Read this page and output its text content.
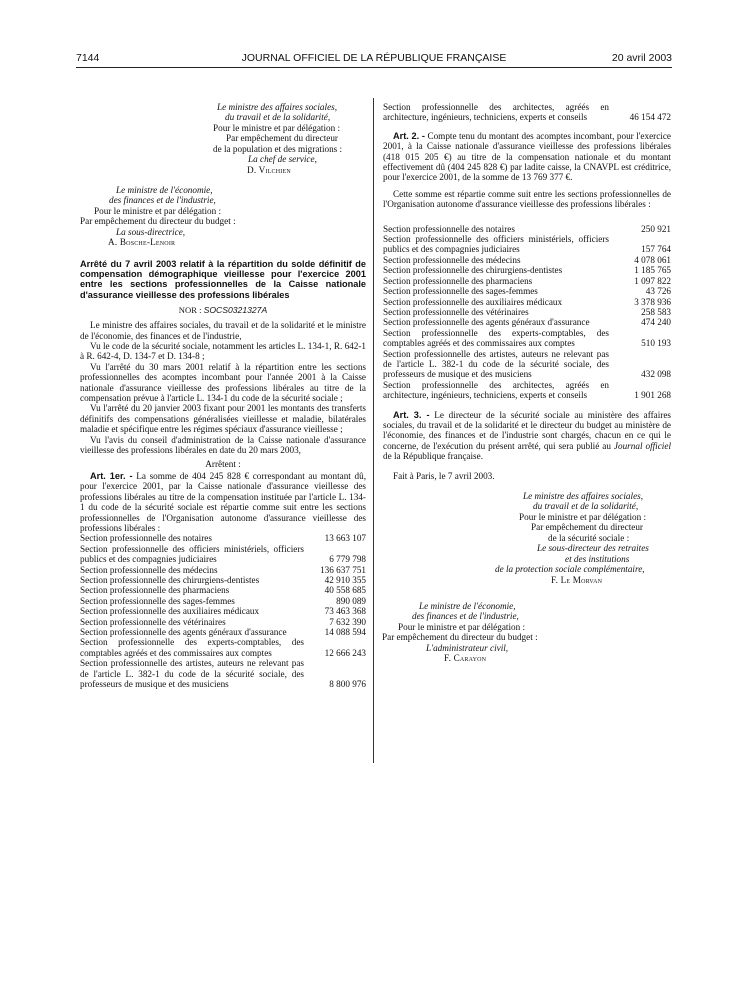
7144	JOURNAL OFFICIEL DE LA RÉPUBLIQUE FRANÇAISE	20 avril 2003
Le ministre des affaires sociales,
du travail et de la solidarité,
Pour le ministre et par délégation :
Par empêchement du directeur
de la population et des migrations :
La chef de service,
D. Vilchien
Le ministre de l'économie,
des finances et de l'industrie,
Pour le ministre et par délégation :
Par empêchement du directeur du budget :
La sous-directrice,
A. Bosche-Lenoir

Arrêté du 7 avril 2003 relatif à la répartition du solde définitif de compensation démographique vieillesse pour l'exercice 2001 entre les sections professionnelles de la Caisse nationale d'assurance vieillesse des professions libérales

NOR : SOCS0321327A

Le ministre des affaires sociales, du travail et de la solidarité et le ministre de l'économie, des finances et de l'industrie,

Vu le code de la sécurité sociale, notamment les articles L. 134-1, R. 642-1 à R. 642-4, D. 134-7 et D. 134-8 ;

Vu l'arrêté du 30 mars 2001 relatif à la répartition entre les sections professionnelles des acomptes incombant pour l'année 2001 à la Caisse nationale d'assurance vieillesse des professions libérales au titre de la compensation prévue à l'article L. 134-1 du code de la sécurité sociale ;

Vu l'arrêté du 20 janvier 2003 fixant pour 2001 les montants des transferts définitifs des compensations généralisées vieillesse et maladie, bilatérales maladie et spécifique entre les régimes spéciaux d'assurance vieillesse ;

Vu l'avis du conseil d'administration de la Caisse nationale d'assurance vieillesse des professions libérales en date du 20 mars 2003,

Arrêtent :

Art. 1er. - La somme de 404 245 828 € correspondant au montant dû, pour l'exercice 2001, par la Caisse nationale d'assurance vieillesse des professions libérales au titre de la compensation instituée par l'article L. 134-1 du code de la sécurité sociale est répartie comme suit entre les sections professionnelles de l'Organisation autonome d'assurance vieillesse des professions libérales :

Section professionnelle des notaires	13 663 107
Section professionnelle des officiers ministériels, officiers publics et des compagnies judiciaires	6 779 798
Section professionnelle des médecins	136 637 751
Section professionnelle des chirurgiens-dentistes	42 910 355
Section professionnelle des pharmaciens	40 558 685
Section professionnelle des sages-femmes	890 089
Section professionnelle des auxiliaires médicaux	73 463 368
Section professionnelle des vétérinaires	7 632 390
Section professionnelle des agents généraux d'assurance	14 088 594
Section professionnelle des experts-comptables, des comptables agréés et des commissaires aux comptes	12 666 243
Section professionnelle des artistes, auteurs ne relevant pas de l'article L. 382-1 du code de la sécurité sociale, des professeurs de musique et des musiciens	8 800 976
Section professionnelle des architectes, agréés en architecture, ingénieurs, techniciens, experts et conseils	46 154 472

Art. 2. - Compte tenu du montant des acomptes incombant, pour l'exercice 2001, à la Caisse nationale d'assurance vieillesse des professions libérales (418 015 205 €) au titre de la compensation nationale et du montant effectivement dû (404 245 828 €) par ladite caisse, la CNAVPL est créditrice, pour l'exercice 2001, de la somme de 13 769 377 €.

Cette somme est répartie comme suit entre les sections professionnelles de l'Organisation autonome d'assurance vieillesse des professions libérales :

Section professionnelle des notaires	250 921
Section professionnelle des officiers ministériels, officiers publics et des compagnies judiciaires	157 764
Section professionnelle des médecins	4 078 061
Section professionnelle des chirurgiens-dentistes	1 185 765
Section professionnelle des pharmaciens	1 097 822
Section professionnelle des sages-femmes	43 726
Section professionnelle des auxiliaires médicaux	3 378 936
Section professionnelle des vétérinaires	258 583
Section professionnelle des agents généraux d'assurance	474 240
Section professionnelle des experts-comptables, des comptables agréés et des commissaires aux comptes	510 193
Section professionnelle des artistes, auteurs ne relevant pas de l'article L. 382-1 du code de la sécurité sociale, des professeurs de musique et des musiciens	432 098
Section professionnelle des architectes, agréés en architecture, ingénieurs, techniciens, experts et conseils	1 901 268

Art. 3. - Le directeur de la sécurité sociale au ministère des affaires sociales, du travail et de la solidarité et le directeur du budget au ministère de l'économie, des finances et de l'industrie sont chargés, chacun en ce qui le concerne, de l'exécution du présent arrêté, qui sera publié au Journal officiel de la République française.

Fait à Paris, le 7 avril 2003.

Le ministre des affaires sociales,
du travail et de la solidarité,
Pour le ministre et par délégation :
Par empêchement du directeur
de la sécurité sociale :
Le sous-directeur des retraites
et des institutions
de la protection sociale complémentaire,
F. Le Morvan
Le ministre de l'économie,
des finances et de l'industrie,
Pour le ministre et par délégation :
Par empêchement du directeur du budget :
L'administrateur civil,
F. Carayon
